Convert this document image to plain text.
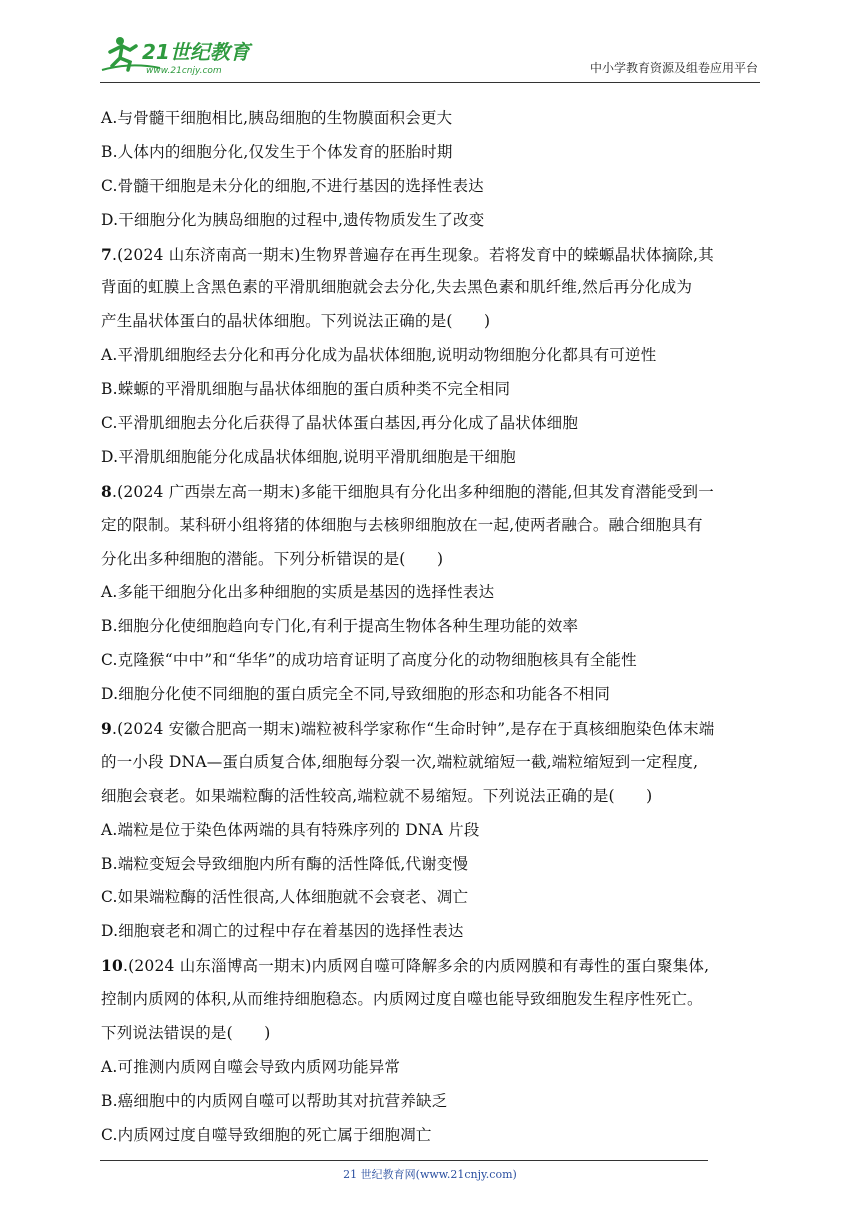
21世纪教育
www.21cnjy.com	中小学教育资源及组卷应用平台
A.与骨髓干细胞相比,胰岛细胞的生物膜面积会更大
B.人体内的细胞分化,仅发生于个体发育的胚胎时期
C.骨髓干细胞是未分化的细胞,不进行基因的选择性表达
D.干细胞分化为胰岛细胞的过程中,遗传物质发生了改变
7.(2024 山东济南高一期末)生物界普遍存在再生现象。若将发育中的蝾螈晶状体摘除,其
背面的虹膜上含黑色素的平滑肌细胞就会去分化,失去黑色素和肌纤维,然后再分化成为
产生晶状体蛋白的晶状体细胞。下列说法正确的是(　　)
A.平滑肌细胞经去分化和再分化成为晶状体细胞,说明动物细胞分化都具有可逆性
B.蝾螈的平滑肌细胞与晶状体细胞的蛋白质种类不完全相同
C.平滑肌细胞去分化后获得了晶状体蛋白基因,再分化成了晶状体细胞
D.平滑肌细胞能分化成晶状体细胞,说明平滑肌细胞是干细胞
8.(2024 广西崇左高一期末)多能干细胞具有分化出多种细胞的潜能,但其发育潜能受到一
定的限制。某科研小组将猪的体细胞与去核卵细胞放在一起,使两者融合。融合细胞具有
分化出多种细胞的潜能。下列分析错误的是(　　)
A.多能干细胞分化出多种细胞的实质是基因的选择性表达
B.细胞分化使细胞趋向专门化,有利于提高生物体各种生理功能的效率
C.克隆猴“中中”和“华华”的成功培育证明了高度分化的动物细胞核具有全能性
D.细胞分化使不同细胞的蛋白质完全不同,导致细胞的形态和功能各不相同
9.(2024 安徽合肥高一期末)端粒被科学家称作“生命时钟”,是存在于真核细胞染色体末端
的一小段 DNA—蛋白质复合体,细胞每分裂一次,端粒就缩短一截,端粒缩短到一定程度,
细胞会衰老。如果端粒酶的活性较高,端粒就不易缩短。下列说法正确的是(　　)
A.端粒是位于染色体两端的具有特殊序列的 DNA 片段
B.端粒变短会导致细胞内所有酶的活性降低,代谢变慢
C.如果端粒酶的活性很高,人体细胞就不会衰老、凋亡
D.细胞衰老和凋亡的过程中存在着基因的选择性表达
10.(2024 山东淄博高一期末)内质网自噬可降解多余的内质网膜和有毒性的蛋白聚集体,
控制内质网的体积,从而维持细胞稳态。内质网过度自噬也能导致细胞发生程序性死亡。
下列说法错误的是(　　)
A.可推测内质网自噬会导致内质网功能异常
B.癌细胞中的内质网自噬可以帮助其对抗营养缺乏
C.内质网过度自噬导致细胞的死亡属于细胞凋亡
21 世纪教育网(www.21cnjy.com)
